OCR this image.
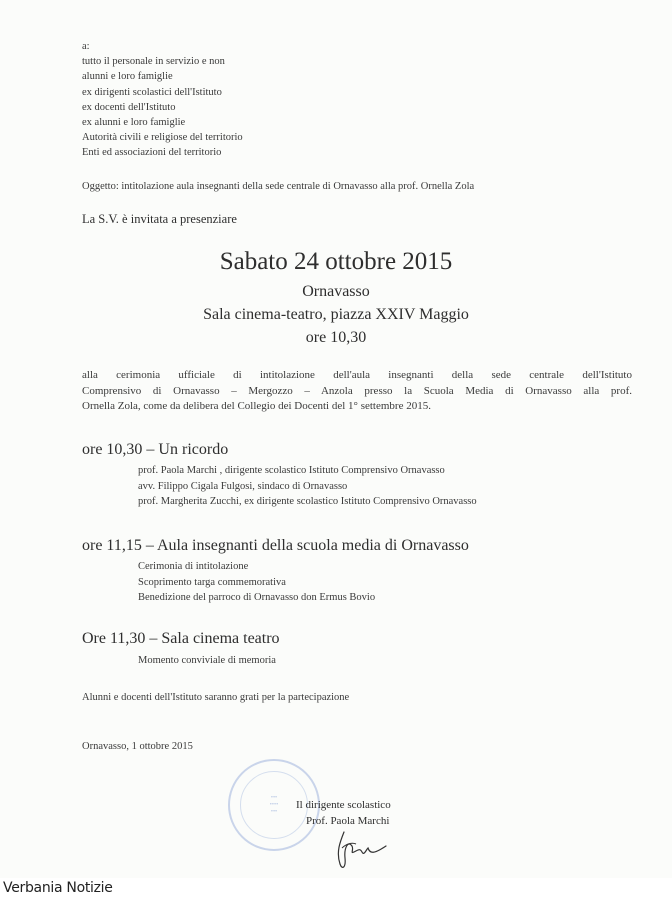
a:
tutto il personale in servizio e non
alunni e loro famiglie
ex dirigenti scolastici dell'Istituto
ex docenti dell'Istituto
ex alunni e loro famiglie
Autorità civili e religiose del territorio
Enti ed associazioni del territorio
Oggetto: intitolazione aula insegnanti della sede centrale di Ornavasso alla prof. Ornella Zola
La S.V. è invitata a presenziare
Sabato 24 ottobre 2015
Ornavasso
Sala cinema-teatro, piazza XXIV Maggio
ore 10,30
alla cerimonia ufficiale di intitolazione dell'aula insegnanti della sede centrale dell'Istituto
Comprensivo di Ornavasso – Mergozzo – Anzola presso la Scuola Media di Ornavasso alla prof.
Ornella Zola, come da delibera del Collegio dei Docenti del 1° settembre 2015.
ore 10,30 – Un ricordo
prof. Paola Marchi , dirigente scolastico Istituto Comprensivo Ornavasso
avv. Filippo Cigala Fulgosi, sindaco di Ornavasso
prof. Margherita Zucchi, ex dirigente scolastico Istituto Comprensivo Ornavasso
ore 11,15 – Aula insegnanti della scuola media di Ornavasso
Cerimonia di intitolazione
Scoprimento targa commemorativa
Benedizione del parroco di Ornavasso don Ermus Bovio
Ore 11,30 – Sala cinema teatro
Momento conviviale di memoria
Alunni e docenti dell'Istituto saranno grati per la partecipazione
Ornavasso, 1 ottobre 2015
•••
••••
•••
Il dirigente scolastico
Prof. Paola Marchi
Verbania Notizie
